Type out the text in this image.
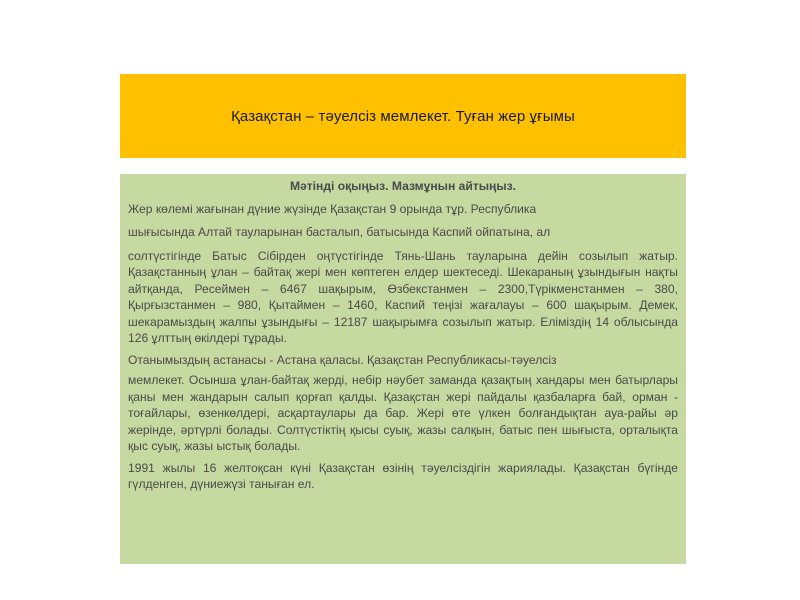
Қазақстан – тәуелсіз мемлекет. Туған жер ұғымы

Мәтінді оқыңыз. Мазмұнын айтыңыз.

Жер көлемі жағынан дүние жүзінде Қазақстан 9 орында тұр. Республика

шығысында Алтай тауларынан басталып, батысында Каспий ойпатына, ал

солтүстігінде Батыс Сібірден оңтүстігінде Тянь-Шань тауларына дейін созылып жатыр. Қазақстанның ұлан – байтақ жері мен көптеген елдер шектеседі. Шекараның ұзындығын нақты айтқанда, Ресеймен – 6467 шақырым, Өзбекстанмен – 2300,Түрікменстанмен – 380, Қырғызстанмен – 980, Қытаймен – 1460, Каспий теңізі жағалауы – 600 шақырым. Демек, шекарамыздың жалпы ұзындығы – 12187 шақырымға созылып жатыр. Еліміздің 14 облысында 126 ұлттың өкілдері тұрады.

Отанымыздың астанасы - Астана қаласы. Қазақстан Республикасы-тәуелсіз

мемлекет. Осынша ұлан-байтақ жерді, небір нәубет заманда қазақтың хандары мен батырлары қаны мен жандарын салып қорғап қалды. Қазақстан жері пайдалы қазбаларға бай, орман - тоғайлары, өзенкөлдері, асқартаулары да бар. Жері өте үлкен болғандықтан ауа-райы әр жерінде, әртүрлі болады. Солтүстіктің қысы суық, жазы салқын, батыс пен шығыста, орталықта қыс суық, жазы ыстық болады.

1991 жылы 16 желтоқсан күні Қазақстан өзінің тәуелсіздігін жариялады. Қазақстан бүгінде гүлденген, дүниежүзі таныған ел.
